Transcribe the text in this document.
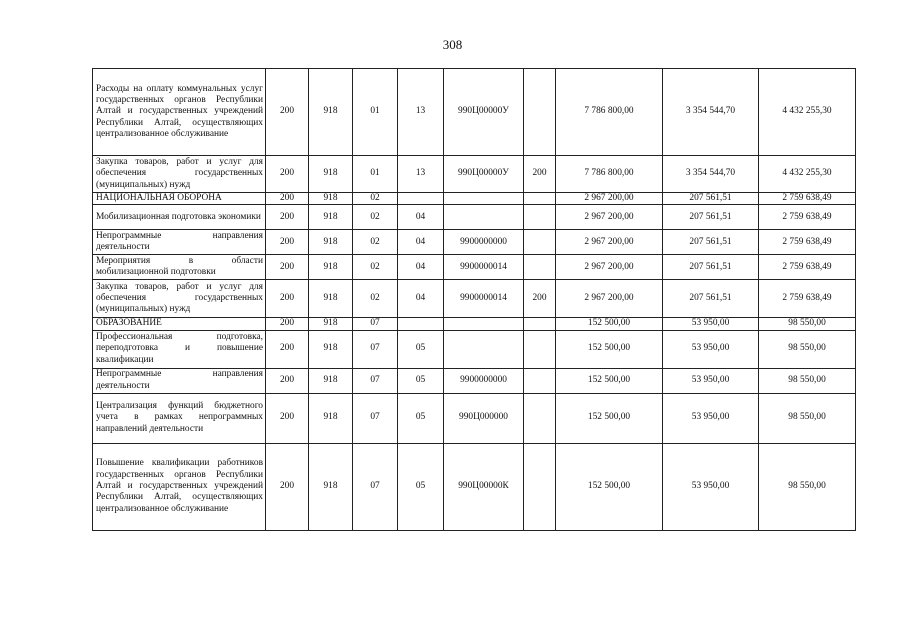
308
Расходы на оплату коммунальных услуг государственных органов Республики Алтай и государственных учреждений Республики Алтай, осуществляющих централизованное обслуживание	200	918	01	13	990Ц00000У		7 786 800,00	3 354 544,70	4 432 255,30
Закупка товаров, работ и услуг для обеспечения государственных (муниципальных) нужд	200	918	01	13	990Ц00000У	200	7 786 800,00	3 354 544,70	4 432 255,30
НАЦИОНАЛЬНАЯ ОБОРОНА	200	918	02				2 967 200,00	207 561,51	2 759 638,49
Мобилизационная подготовка экономики	200	918	02	04			2 967 200,00	207 561,51	2 759 638,49
Непрограммные направления деятельности	200	918	02	04	9900000000		2 967 200,00	207 561,51	2 759 638,49
Мероприятия в области мобилизационной подготовки	200	918	02	04	9900000014		2 967 200,00	207 561,51	2 759 638,49
Закупка товаров, работ и услуг для обеспечения государственных (муниципальных) нужд	200	918	02	04	9900000014	200	2 967 200,00	207 561,51	2 759 638,49
ОБРАЗОВАНИЕ	200	918	07				152 500,00	53 950,00	98 550,00
Профессиональная подготовка, переподготовка и повышение квалификации	200	918	07	05			152 500,00	53 950,00	98 550,00
Непрограммные направления деятельности	200	918	07	05	9900000000		152 500,00	53 950,00	98 550,00
Централизация функций бюджетного учета в рамках непрограммных направлений деятельности	200	918	07	05	990Ц000000		152 500,00	53 950,00	98 550,00
Повышение квалификации работников государственных органов Республики Алтай и государственных учреждений Республики Алтай, осуществляющих централизованное обслуживание	200	918	07	05	990Ц00000К		152 500,00	53 950,00	98 550,00
